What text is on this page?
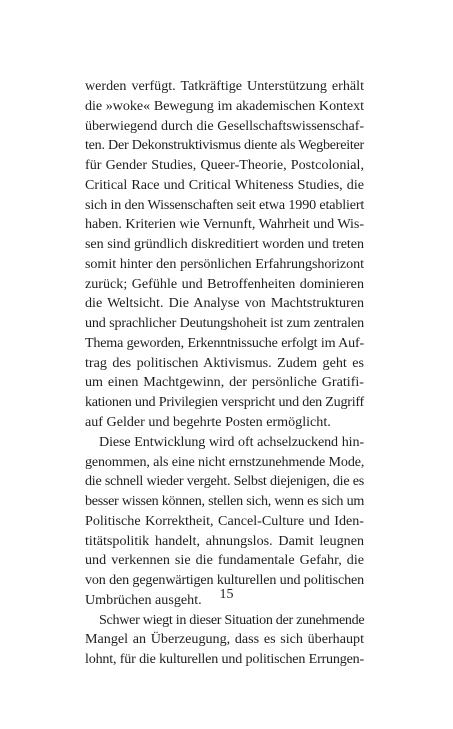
werden verfügt. Tatkräftige Unterstützung erhält
die »woke« Bewegung im akademischen Kontext
überwiegend durch die Gesellschaftswissenschaf-
ten. Der Dekonstruktivismus diente als Wegbereiter
für Gender Studies, Queer-Theorie, Postcolonial,
Critical Race und Critical Whiteness Studies, die
sich in den Wissenschaften seit etwa 1990 etabliert
haben. Kriterien wie Vernunft, Wahrheit und Wis-
sen sind gründlich diskreditiert worden und treten
somit hinter den persönlichen Erfahrungshorizont
zurück; Gefühle und Betroffenheiten dominieren
die Weltsicht. Die Analyse von Machtstrukturen
und sprachlicher Deutungshoheit ist zum zentralen
Thema geworden, Erkenntnissuche erfolgt im Auf-
trag des politischen Aktivismus. Zudem geht es
um einen Machtgewinn, der persönliche Gratifi-
kationen und Privilegien verspricht und den Zugriff
auf Gelder und begehrte Posten ermöglicht.
Diese Entwicklung wird oft achselzuckend hin-
genommen, als eine nicht ernstzunehmende Mode,
die schnell wieder vergeht. Selbst diejenigen, die es
besser wissen können, stellen sich, wenn es sich um
Politische Korrektheit, Cancel-Culture und Iden-
titätspolitik handelt, ahnungslos. Damit leugnen
und verkennen sie die fundamentale Gefahr, die
von den gegenwärtigen kulturellen und politischen
Umbrüchen ausgeht.
Schwer wiegt in dieser Situation der zunehmende
Mangel an Überzeugung, dass es sich überhaupt
lohnt, für die kulturellen und politischen Errungen-
15
